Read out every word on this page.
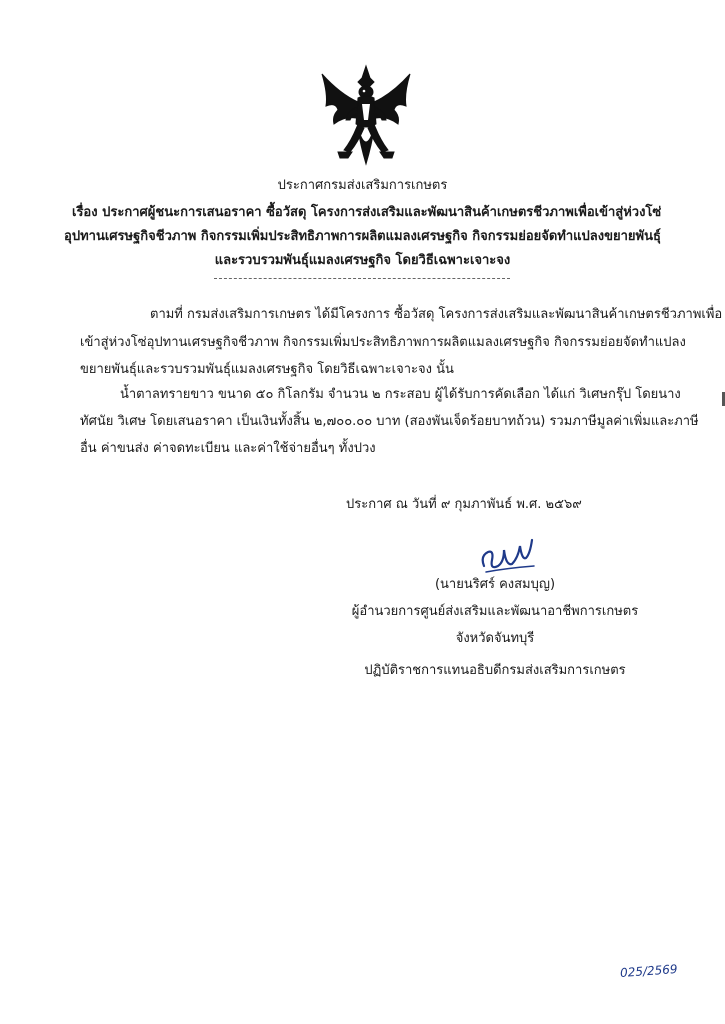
ประกาศกรมส่งเสริมการเกษตร
เรื่อง ประกาศผู้ชนะการเสนอราคา ซื้อวัสดุ โครงการส่งเสริมและพัฒนาสินค้าเกษตรชีวภาพเพื่อเข้าสู่ห่วงโซ่
อุปทานเศรษฐกิจชีวภาพ กิจกรรมเพิ่มประสิทธิภาพการผลิตแมลงเศรษฐกิจ กิจกรรมย่อยจัดทำแปลงขยายพันธุ์
และรวบรวมพันธุ์แมลงเศรษฐกิจ โดยวิธีเฉพาะเจาะจง
ตามที่ กรมส่งเสริมการเกษตร ได้มีโครงการ ซื้อวัสดุ โครงการส่งเสริมและพัฒนาสินค้าเกษตรชีวภาพเพื่อ
เข้าสู่ห่วงโซ่อุปทานเศรษฐกิจชีวภาพ กิจกรรมเพิ่มประสิทธิภาพการผลิตแมลงเศรษฐกิจ กิจกรรมย่อยจัดทำแปลง
ขยายพันธุ์และรวบรวมพันธุ์แมลงเศรษฐกิจ โดยวิธีเฉพาะเจาะจง นั้น
น้ำตาลทรายขาว ขนาด ๕๐ กิโลกรัม จำนวน ๒ กระสอบ ผู้ได้รับการคัดเลือก ได้แก่ วิเศษกรุ๊ป โดยนาง
ทัศนัย วิเศษ โดยเสนอราคา เป็นเงินทั้งสิ้น ๒,๗๐๐.๐๐ บาท (สองพันเจ็ดร้อยบาทถ้วน) รวมภาษีมูลค่าเพิ่มและภาษี
อื่น ค่าขนส่ง ค่าจดทะเบียน และค่าใช้จ่ายอื่นๆ ทั้งปวง
ประกาศ ณ วันที่ ๙ กุมภาพันธ์ พ.ศ. ๒๕๖๙
(นายนริศร์ คงสมบุญ)
ผู้อำนวยการศูนย์ส่งเสริมและพัฒนาอาชีพการเกษตร
จังหวัดจันทบุรี
ปฏิบัติราชการแทนอธิบดีกรมส่งเสริมการเกษตร
025/2569
